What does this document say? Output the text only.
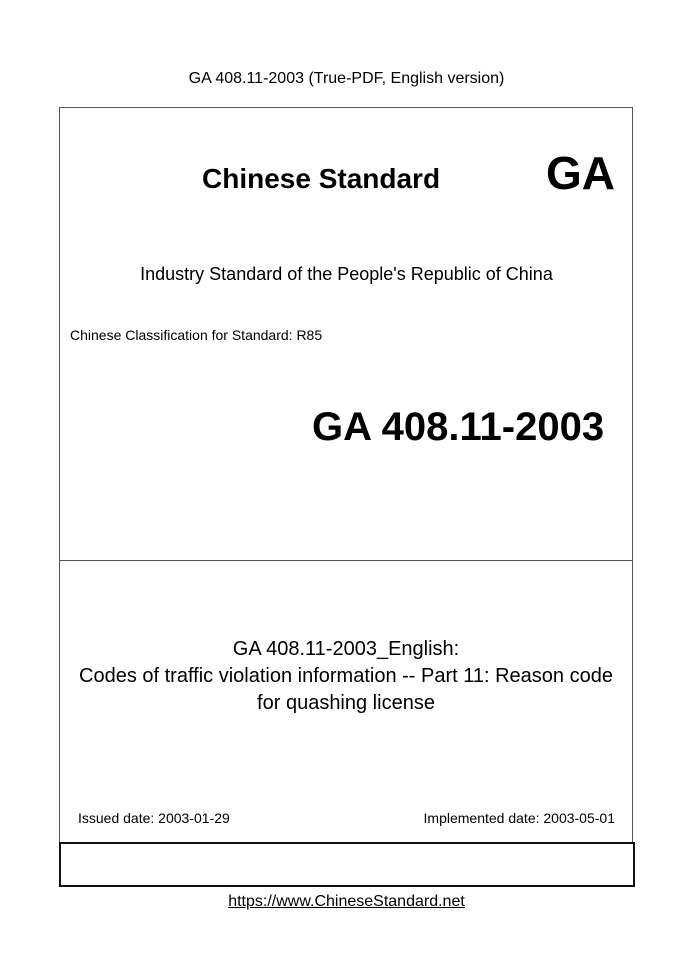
GA 408.11-2003 (True-PDF, English version)
Chinese Standard GA
Industry Standard of the People's Republic of China
Chinese Classification for Standard: R85
GA 408.11-2003
GA 408.11-2003_English:
Codes of traffic violation information -- Part 11: Reason code
for quashing license
Issued date: 2003-01-29	Implemented date: 2003-05-01
https://www.ChineseStandard.net
